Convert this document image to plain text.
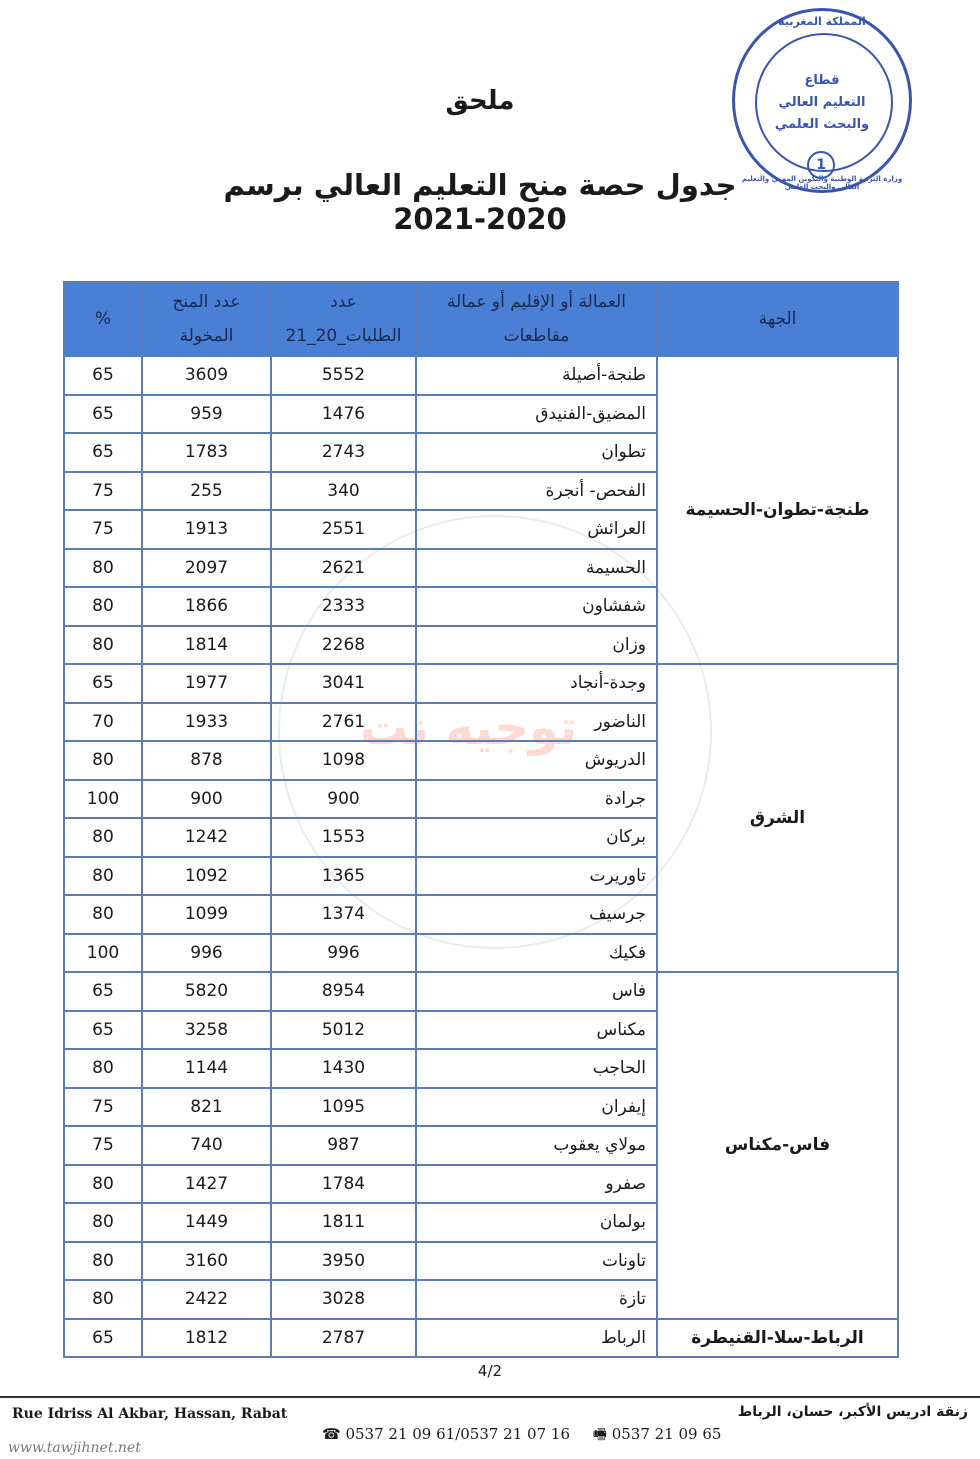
توجيه نت
المملكة المغربية
قطاع
التعليم العالي
والبحث العلمي
وزارة التربية الوطنية والتكوين المهني والتعليم العالي والبحث العلمي
1
ملحق
جدول حصة منح التعليم العالي برسم 2020-2021
الجهة	العمالة أو الإقليم أو عمالة مقاطعات	عدد الطلبات_20_21	عدد المنح المخولة	%
طنجة-تطوان-الحسيمة	طنجة-أصيلة	5552	3609	65
	المضيق-الفنيدق	1476	959	65
	تطوان	2743	1783	65
	الفحص- أنجرة	340	255	75
	العرائش	2551	1913	75
	الحسيمة	2621	2097	80
	شفشاون	2333	1866	80
	وزان	2268	1814	80
الشرق	وجدة-أنجاد	3041	1977	65
	الناضور	2761	1933	70
	الدريوش	1098	878	80
	جرادة	900	900	100
	بركان	1553	1242	80
	تاوريرت	1365	1092	80
	جرسيف	1374	1099	80
	فكيك	996	996	100
فاس-مكناس	فاس	8954	5820	65
	مكناس	5012	3258	65
	الحاجب	1430	1144	80
	إيفران	1095	821	75
	مولاي يعقوب	987	740	75
	صفرو	1784	1427	80
	بولمان	1811	1449	80
	تاونات	3950	3160	80
	تازة	3028	2422	80
الرباط-سلا-القنيطرة	الرباط	2787	1812	65
4/2
Rue Idriss Al Akbar, Hassan, Rabat	زنقة ادريس الأكبر، حسان، الرباط
☎ 0537 21 09 61/0537 21 07 16 🖷 0537 21 09 65
www.tawjihnet.net
